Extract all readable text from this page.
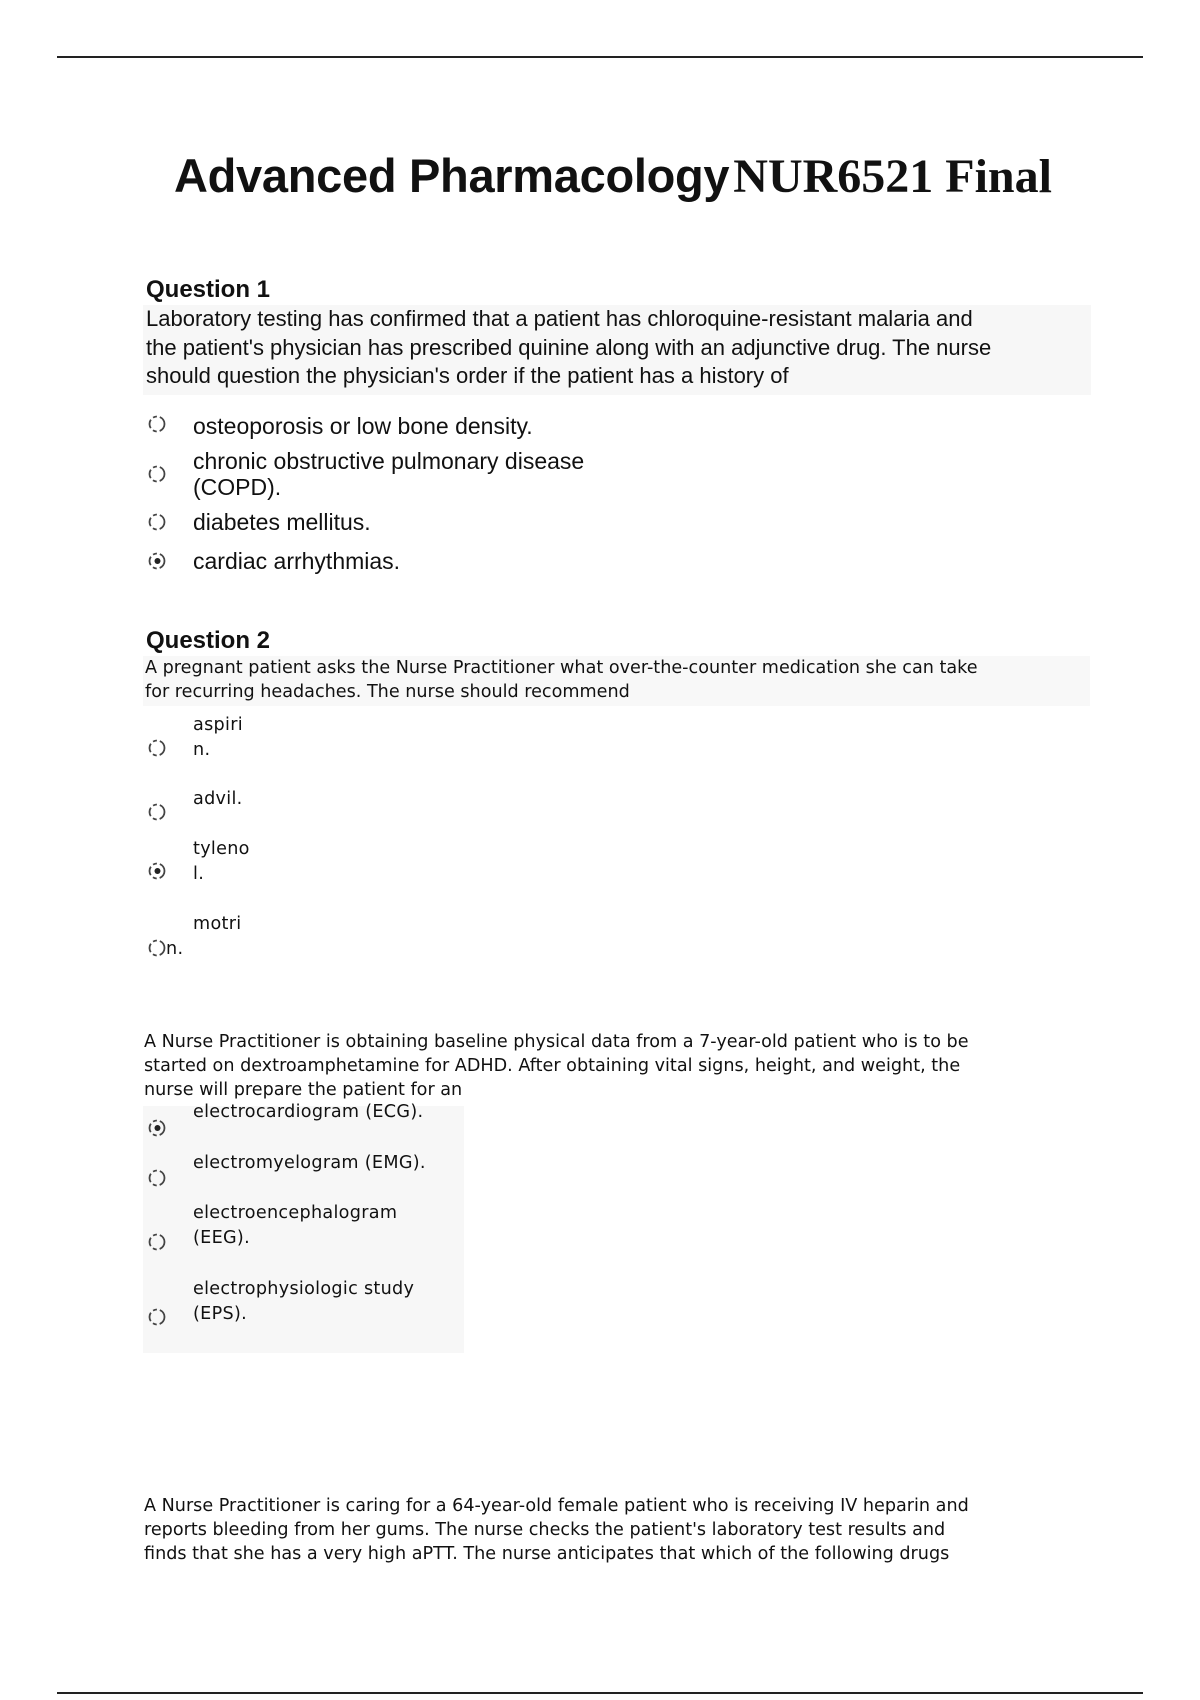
Advanced Pharmacology NUR6521 Final
Question 1
Laboratory testing has confirmed that a patient has chloroquine-resistant malaria and
the patient's physician has prescribed quinine along with an adjunctive drug. The nurse
should question the physician's order if the patient has a history of
osteoporosis or low bone density.
chronic obstructive pulmonary disease
(COPD).
diabetes mellitus.
cardiac arrhythmias.
Question 2
A pregnant patient asks the Nurse Practitioner what over-the-counter medication she can take
for recurring headaches. The nurse should recommend
aspiri
n.
advil.
tyleno
l.
motri
n.
A Nurse Practitioner is obtaining baseline physical data from a 7-year-old patient who is to be
started on dextroamphetamine for ADHD. After obtaining vital signs, height, and weight, the
nurse will prepare the patient for an
electrocardiogram (ECG).
electromyelogram (EMG).
electroencephalogram
(EEG).
electrophysiologic study
(EPS).
A Nurse Practitioner is caring for a 64-year-old female patient who is receiving IV heparin and
reports bleeding from her gums. The nurse checks the patient's laboratory test results and
finds that she has a very high aPTT. The nurse anticipates that which of the following drugs
